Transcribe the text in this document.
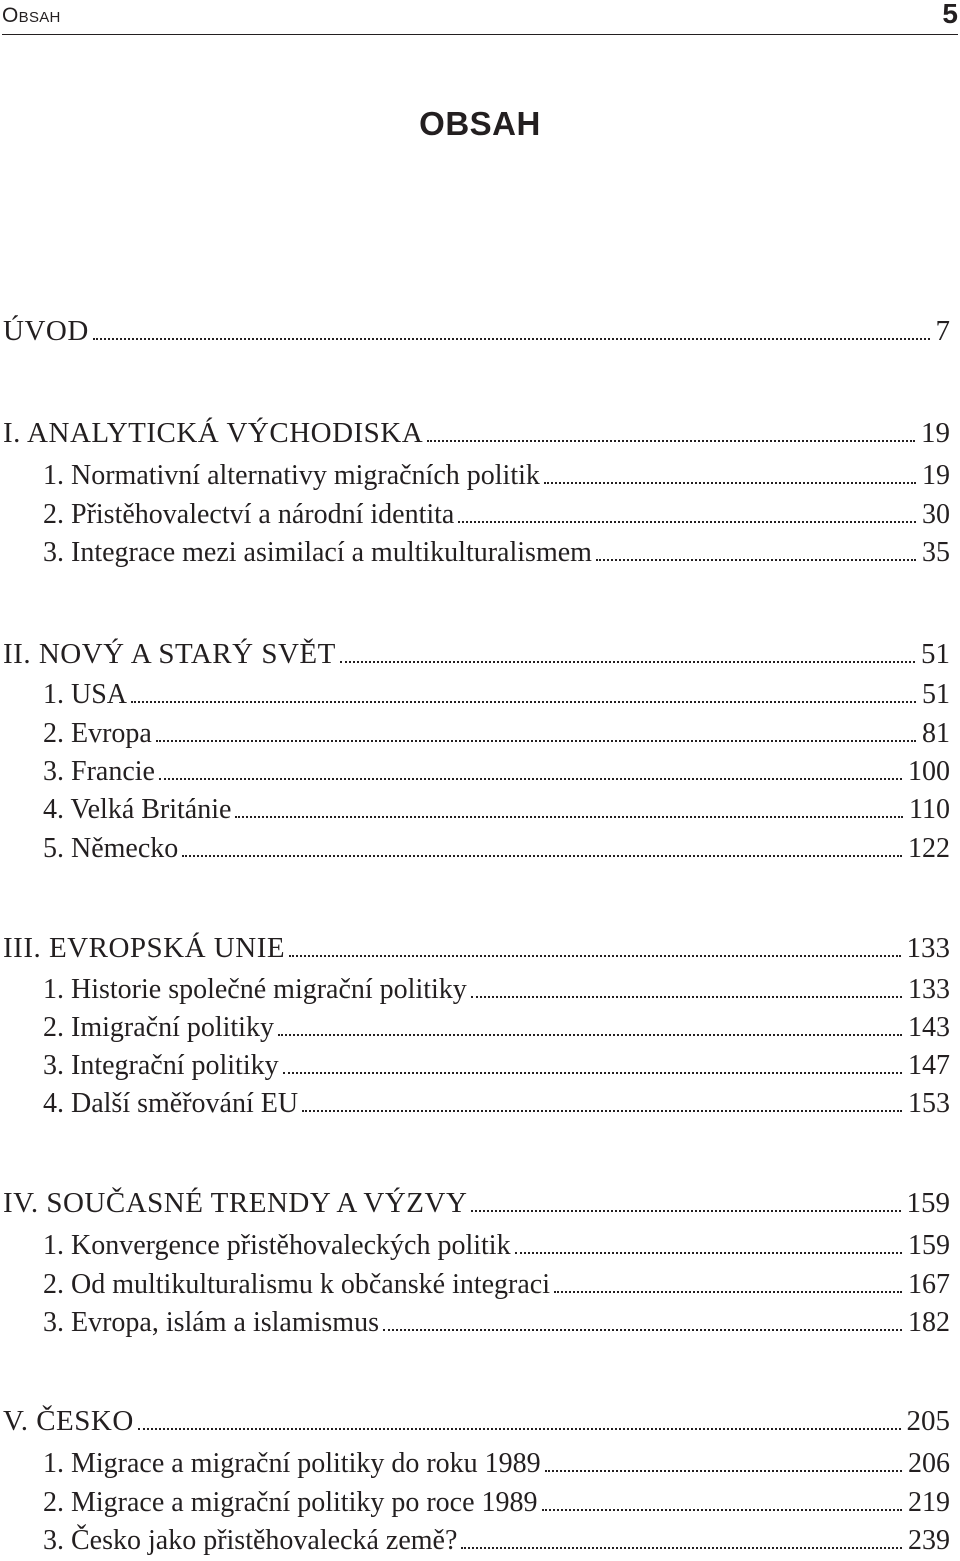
Obsah	5
OBSAH
ÚVOD	7
I. ANALYTICKÁ VÝCHODISKA	19
1. Normativní alternativy migračních politik	19
2. Přistěhovalectví a národní identita	30
3. Integrace mezi asimilací a multikulturalismem	35
II. NOVÝ A STARÝ SVĚT	51
1. USA	51
2. Evropa	81
3. Francie	100
4. Velká Británie	110
5. Německo	122
III. EVROPSKÁ UNIE	133
1. Historie společné migrační politiky	133
2. Imigrační politiky	143
3. Integrační politiky	147
4. Další směřování EU	153
IV. SOUČASNÉ TRENDY A VÝZVY	159
1. Konvergence přistěhovaleckých politik	159
2. Od multikulturalismu k občanské integraci	167
3. Evropa, islám a islamismus	182
V. ČESKO	205
1. Migrace a migrační politiky do roku 1989	206
2. Migrace a migrační politiky po roce 1989	219
3. Česko jako přistěhovalecká země?	239
